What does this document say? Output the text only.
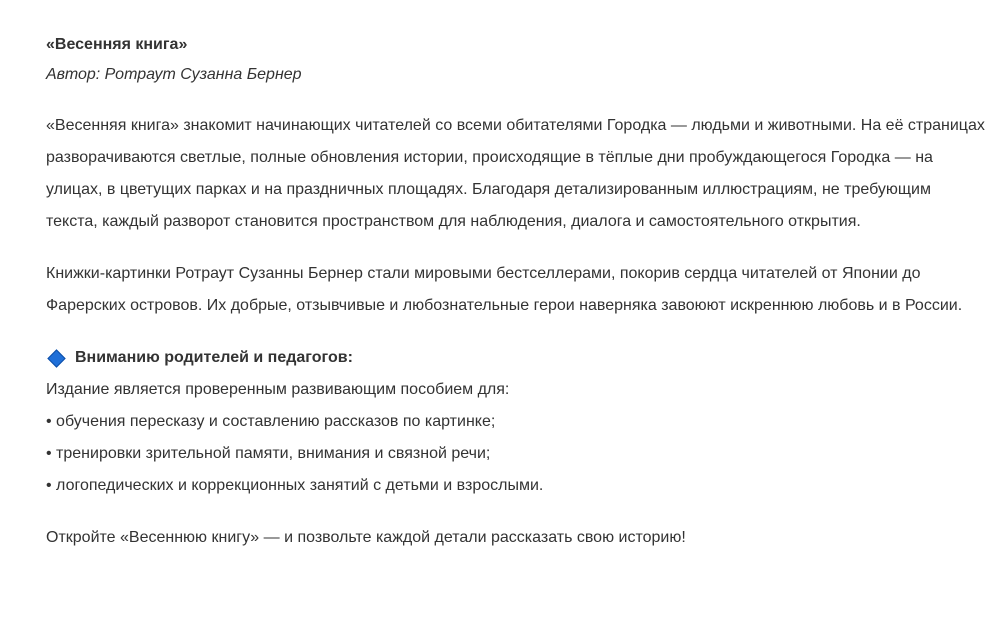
«Весенняя книга»

Автор: Ротраут Сузанна Бернер

«Весенняя книга» знакомит начинающих читателей со всеми обитателями Городка — людьми и животными. На её страницах разворачиваются светлые, полные обновления истории, происходящие в тёплые дни пробуждающегося Городка — на улицах, в цветущих парках и на праздничных площадях. Благодаря детализированным иллюстрациям, не требующим текста, каждый разворот становится пространством для наблюдения, диалога и самостоятельного открытия.

Книжки-картинки Ротраут Сузанны Бернер стали мировыми бестселлерами, покорив сердца читателей от Японии до Фарерских островов. Их добрые, отзывчивые и любознательные герои наверняка завоюют искреннюю любовь и в России.

Вниманию родителей и педагогов:

Издание является проверенным развивающим пособием для:

• обучения пересказу и составлению рассказов по картинке;
• тренировки зрительной памяти, внимания и связной речи;
• логопедических и коррекционных занятий с детьми и взрослыми.

Откройте «Весеннюю книгу» — и позвольте каждой детали рассказать свою историю!
